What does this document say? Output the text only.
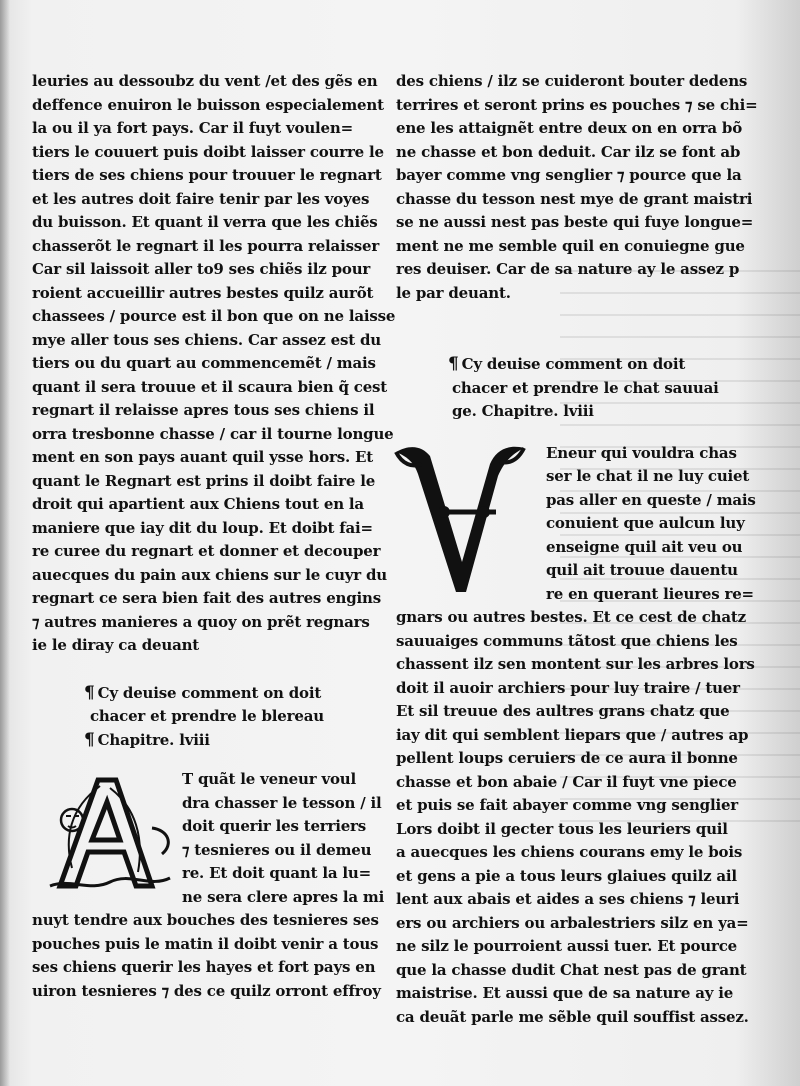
leuries au dessoubz du vent /et des gẽs en
deffence enuiron le buisson especialement
la ou il ya fort pays. Car il fuyt voulen=
tiers le couuert puis doibt laisser courre le
tiers de ses chiens pour trouuer le regnart
et les autres doit faire tenir par les voyes
du buisson. Et quant il verra que les chiẽs
chasserõt le regnart il les pourra relaisser
Car sil laissoit aller to9 ses chiẽs ilz pour
roient accueillir autres bestes quilz aurõt
chassees / pource est il bon que on ne laisse
mye aller tous ses chiens. Car assez est du
tiers ou du quart au commencemẽt / mais
quant il sera trouue et il scaura bien q̃ cest
regnart il relaisse apres tous ses chiens il
orra tresbonne chasse / car il tourne longue
ment en son pays auant quil ysse hors. Et
quant le Regnart est prins il doibt faire le
droit qui apartient aux Chiens tout en la
maniere que iay dit du loup. Et doibt fai=
re curee du regnart et donner et decouper
auecques du pain aux chiens sur le cuyr du
regnart ce sera bien fait des autres engins
⁊ autres manieres a quoy on prẽt regnars
ie le diray ca deuant
¶ Cy deuise comment on doit
chacer et prendre le blereau
¶ Chapitre. lviii
T quãt le veneur voul
dra chasser le tesson / il
doit querir les terriers
⁊ tesnieres ou il demeu
re. Et doit quant la lu=
ne sera clere apres la mi
nuyt tendre aux bouches des tesnieres ses
pouches puis le matin il doibt venir a tous
ses chiens querir les hayes et fort pays en
uiron tesnieres ⁊ des ce quilz orront effroy
des chiens / ilz se cuideront bouter dedens
terrires et seront prins es pouches ⁊ se chi=
ene les attaignẽt entre deux on en orra bõ
ne chasse et bon deduit. Car ilz se font ab
bayer comme vng senglier ⁊ pource que la
chasse du tesson nest mye de grant maistri
se ne aussi nest pas beste qui fuye longue=
ment ne me semble quil en conuiegne gue
res deuiser. Car de sa nature ay le assez p
le par deuant.
¶ Cy deuise comment on doit
chacer et prendre le chat sauuai
ge. Chapitre. lviii
Eneur qui vouldra chas
ser le chat il ne luy cuiet
pas aller en queste / mais
conuient que aulcun luy
enseigne quil ait veu ou
quil ait trouue dauentu
re en querant lieures re=
gnars ou autres bestes. Et ce cest de chatz
sauuaiges communs tãtost que chiens les
chassent ilz sen montent sur les arbres lors
doit il auoir archiers pour luy traire / tuer
Et sil treuue des aultres grans chatz que
iay dit qui semblent liepars que / autres ap
pellent loups ceruiers de ce aura il bonne
chasse et bon abaie / Car il fuyt vne piece
et puis se fait abayer comme vng senglier
Lors doibt il gecter tous les leuriers quil
a auecques les chiens courans emy le bois
et gens a pie a tous leurs glaiues quilz ail
lent aux abais et aides a ses chiens ⁊ leuri
ers ou archiers ou arbalestriers silz en ya=
ne silz le pourroient aussi tuer. Et pource
que la chasse dudit Chat nest pas de grant
maistrise. Et aussi que de sa nature ay ie
ca deuãt parle me sẽble quil souffist assez.
